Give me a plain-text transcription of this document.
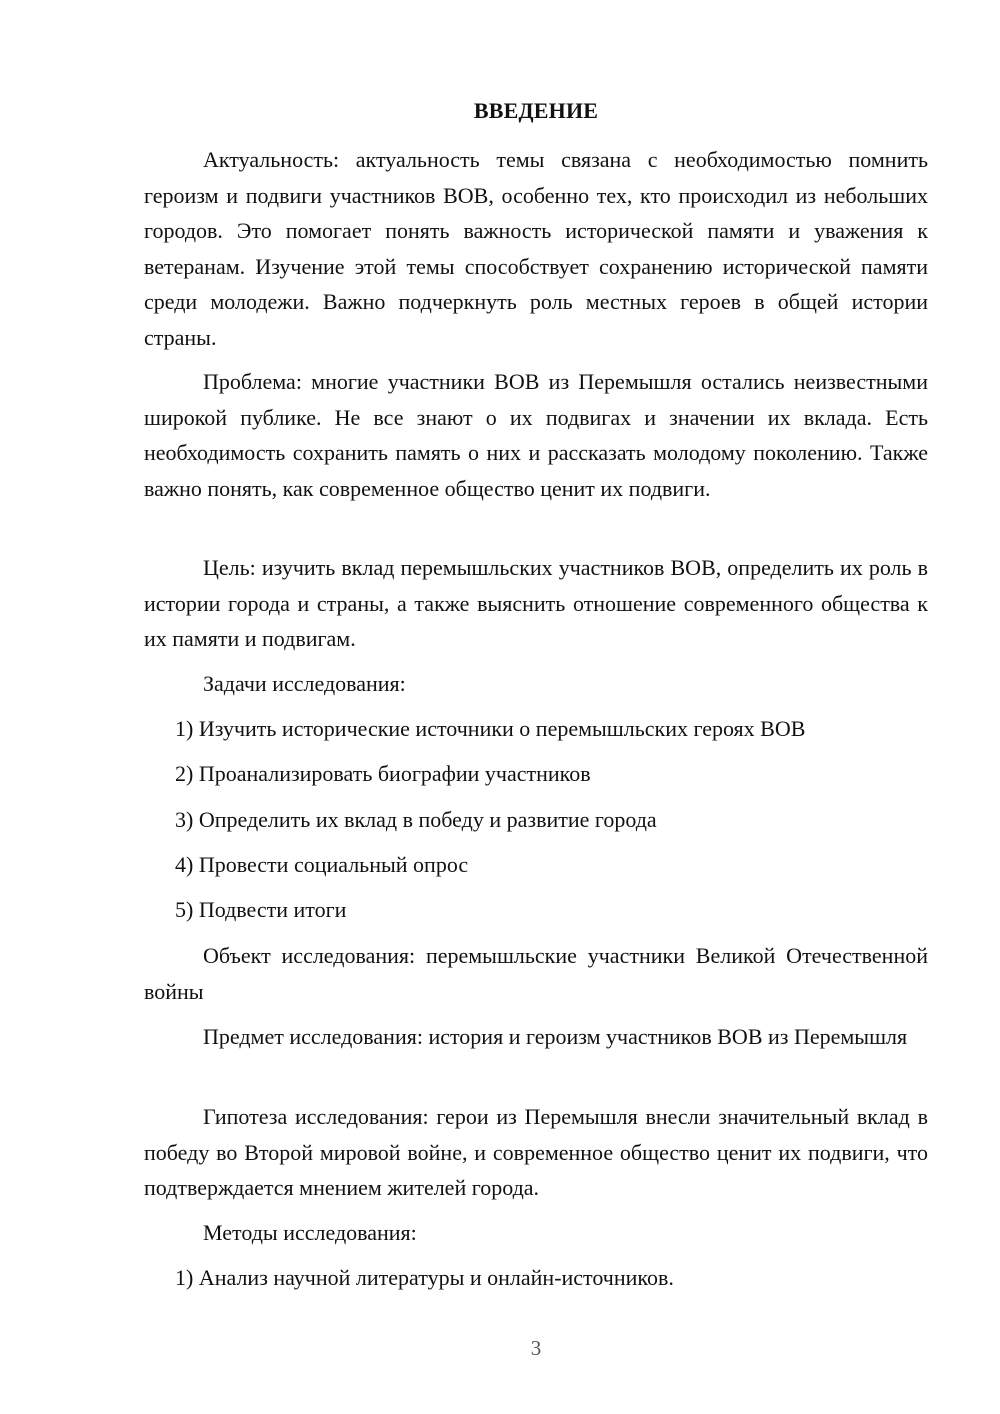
ВВЕДЕНИЕ

Актуальность: актуальность темы связана с необходимостью помнить героизм и подвиги участников ВОВ, особенно тех, кто происходил из небольших городов. Это помогает понять важность исторической памяти и уважения к ветеранам. Изучение этой темы способствует сохранению исторической памяти среди молодежи. Важно подчеркнуть роль местных героев в общей истории страны.

Проблема: многие участники ВОВ из Перемышля остались неизвестными широкой публике. Не все знают о их подвигах и значении их вклада. Есть необходимость сохранить память о них и рассказать молодому поколению. Также важно понять, как современное общество ценит их подвиги.

Цель: изучить вклад перемышльских участников ВОВ, определить их роль в истории города и страны, а также выяснить отношение современного общества к их памяти и подвигам.

Задачи исследования:
1) Изучить исторические источники о перемышльских героях ВОВ
2) Проанализировать биографии участников
3) Определить их вклад в победу и развитие города
4) Провести социальный опрос
5) Подвести итоги

Объект исследования: перемышльские участники Великой Отечественной войны

Предмет исследования: история и героизм участников ВОВ из Перемышля

Гипотеза исследования: герои из Перемышля внесли значительный вклад в победу во Второй мировой войне, и современное общество ценит их подвиги, что подтверждается мнением жителей города.

Методы исследования:
1) Анализ научной литературы и онлайн-источников.
3
